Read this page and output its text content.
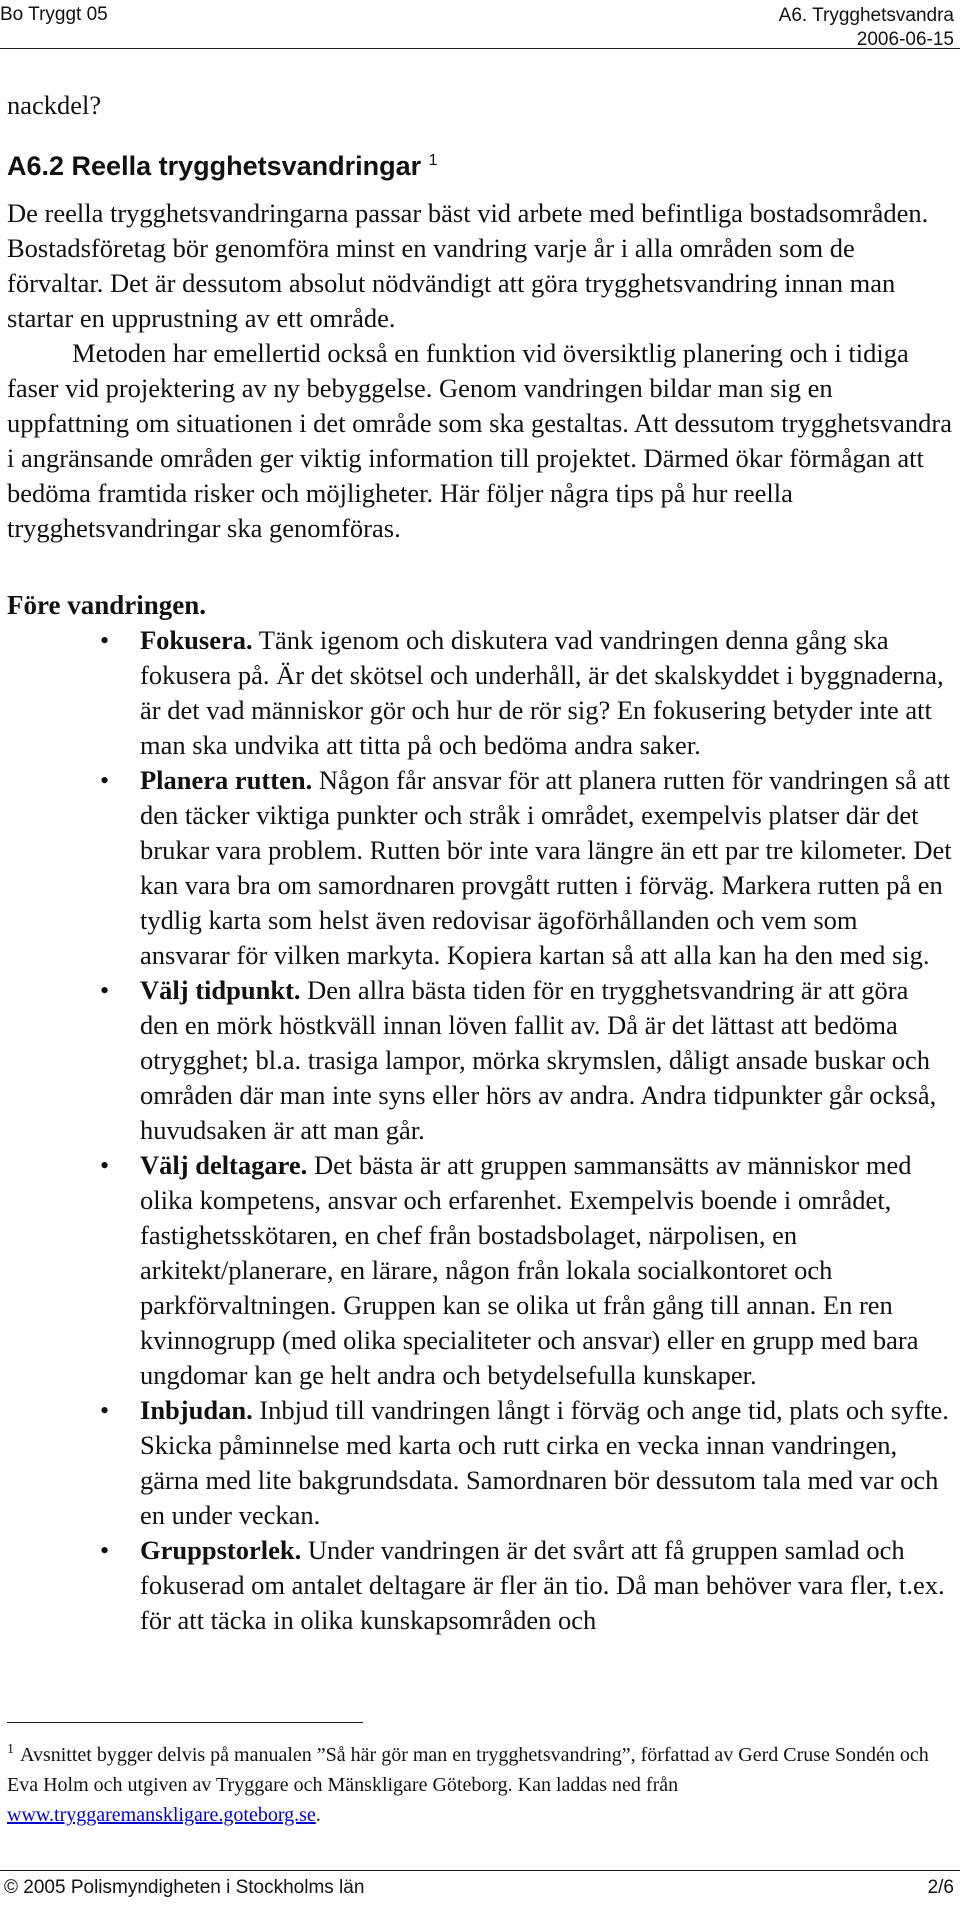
Bo Tryggt 05	A6. Trygghetsvandra
2006-06-15

nackdel?

A6.2 Reella trygghetsvandringar $^1$

De reella trygghetsvandringarna passar bäst vid arbete med befintliga bostadsområden. Bostadsföretag bör genomföra minst en vandring varje år i alla områden som de förvaltar. Det är dessutom absolut nödvändigt att göra trygghetsvandring innan man startar en upprustning av ett område.

Metoden har emellertid också en funktion vid översiktlig planering och i tidiga faser vid projektering av ny bebyggelse. Genom vandringen bildar man sig en uppfattning om situationen i det område som ska gestaltas. Att dessutom trygghetsvandra i angränsande områden ger viktig information till projektet. Därmed ökar förmågan att bedöma framtida risker och möjligheter. Här följer några tips på hur reella trygghetsvandringar ska genomföras.

Före vandringen.
• Fokusera. Tänk igenom och diskutera vad vandringen denna gång ska fokusera på. Är det skötsel och underhåll, är det skalskyddet i byggnaderna, är det vad människor gör och hur de rör sig? En fokusering betyder inte att man ska undvika att titta på och bedöma andra saker.
• Planera rutten. Någon får ansvar för att planera rutten för vandringen så att den täcker viktiga punkter och stråk i området, exempelvis platser där det brukar vara problem. Rutten bör inte vara längre än ett par tre kilometer. Det kan vara bra om samordnaren provgått rutten i förväg. Markera rutten på en tydlig karta som helst även redovisar ägoförhållanden och vem som ansvarar för vilken markyta. Kopiera kartan så att alla kan ha den med sig.
• Välj tidpunkt. Den allra bästa tiden för en trygghetsvandring är att göra den en mörk höstkväll innan löven fallit av. Då är det lättast att bedöma otrygghet; bl.a. trasiga lampor, mörka skrymslen, dåligt ansade buskar och områden där man inte syns eller hörs av andra. Andra tidpunkter går också, huvudsaken är att man går.
• Välj deltagare. Det bästa är att gruppen sammansätts av människor med olika kompetens, ansvar och erfarenhet. Exempelvis boende i området, fastighetsskötaren, en chef från bostadsbolaget, närpolisen, en arkitekt/planerare, en lärare, någon från lokala socialkontoret och parkförvaltningen. Gruppen kan se olika ut från gång till annan. En ren kvinnogrupp (med olika specialiteter och ansvar) eller en grupp med bara ungdomar kan ge helt andra och betydelsefulla kunskaper.
• Inbjudan. Inbjud till vandringen långt i förväg och ange tid, plats och syfte. Skicka påminnelse med karta och rutt cirka en vecka innan vandringen, gärna med lite bakgrundsdata. Samordnaren bör dessutom tala med var och en under veckan.
• Gruppstorlek. Under vandringen är det svårt att få gruppen samlad och fokuserad om antalet deltagare är fler än tio. Då man behöver vara fler, t.ex. för att täcka in olika kunskapsområden och
$^1$ Avsnittet bygger delvis på manualen ”Så här gör man en trygghetsvandring”, författad av Gerd Cruse Sondén och Eva Holm och utgiven av Tryggare och Mänskligare Göteborg. Kan laddas ned från www.tryggaremanskligare.goteborg.se.
© 2005 Polismyndigheten i Stockholms län	2/6
